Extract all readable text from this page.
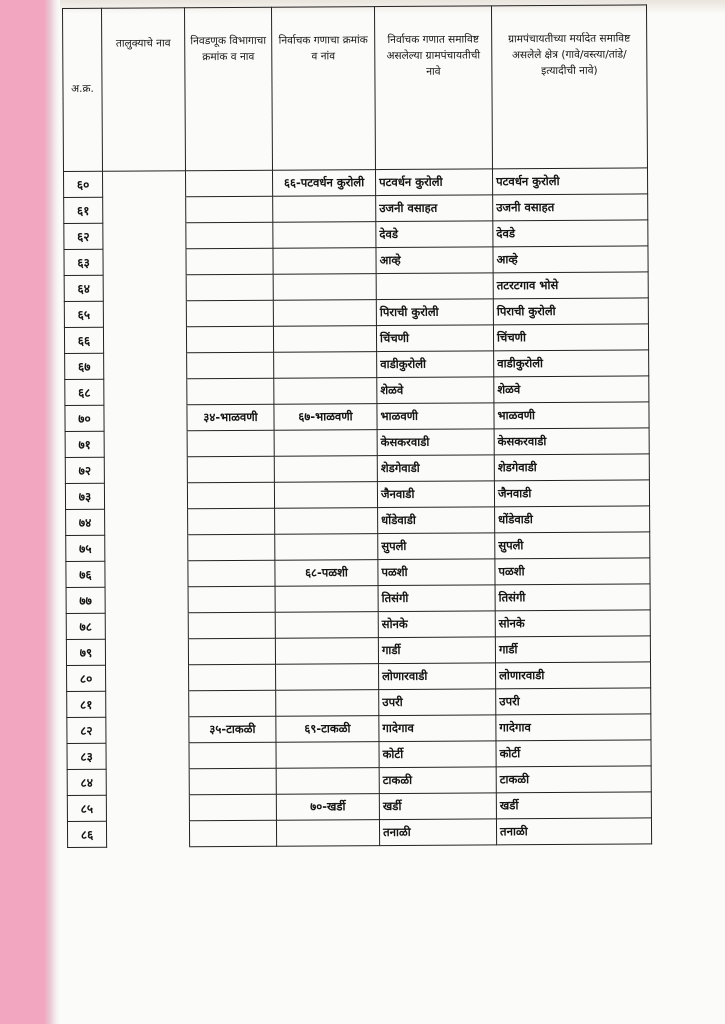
अ.क्र.	तालुक्याचे नाव	निवडणूक विभागाचा क्रमांक व नाव	निर्वाचक गणाचा क्रमांक व नांव	निर्वाचक गणात समाविष्ट असलेल्या ग्रामपंचायतीची नावे	ग्रामपंचायतीच्या मर्यादेत समाविष्ट असलेले क्षेत्र (गावे/वस्त्या/तांडे/इत्यादीची नावे)
६०			६६-पटवर्धन कुरोली	पटवर्धन कुरोली	पटवर्धन कुरोली
६१				उजनी वसाहत	उजनी वसाहत
६२				देवडे	देवडे
६३				आव्हे	आव्हे
६४					तटरटगाव भोसे
६५				पिराची कुरोली	पिराची कुरोली
६६				चिंचणी	चिंचणी
६७				वाडीकुरोली	वाडीकुरोली
६८				शेळवे	शेळवे
७०		३४-भाळवणी	६७-भाळवणी	भाळवणी	भाळवणी
७१				केसकरवाडी	केसकरवाडी
७२				शेडगेवाडी	शेडगेवाडी
७३				जैनवाडी	जैनवाडी
७४				धोंडेवाडी	धोंडेवाडी
७५				सुपली	सुपली
७६			६८-पळशी	पळशी	पळशी
७७				तिसंगी	तिसंगी
७८				सोनके	सोनके
७९				गार्डी	गार्डी
८०				लोणारवाडी	लोणारवाडी
८१				उपरी	उपरी
८२		३५-टाकळी	६९-टाकळी	गादेगाव	गादेगाव
८३				कोर्टी	कोर्टी
८४				टाकळी	टाकळी
८५			७०-खर्डी	खर्डी	खर्डी
८६				तनाळी	तनाळी
